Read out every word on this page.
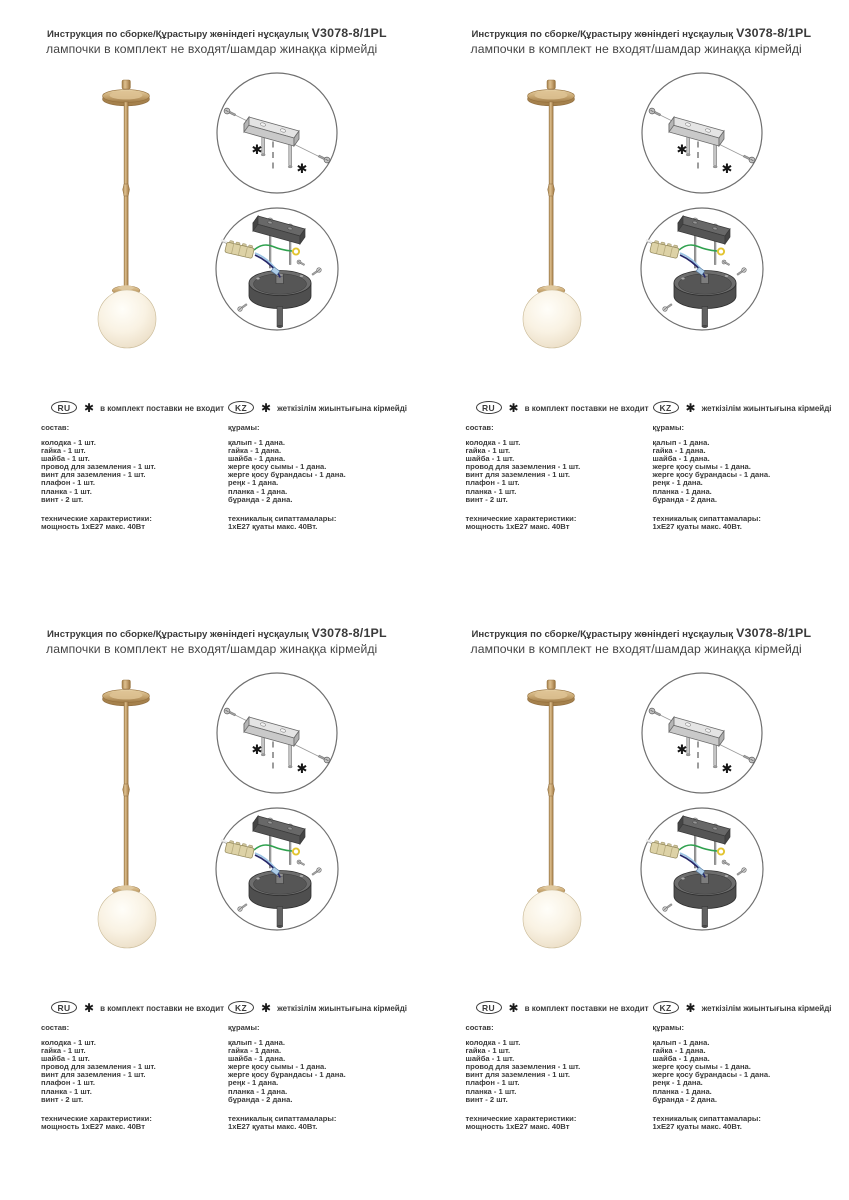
Инструкция по сборке/Құрастыру жөніндегі нұсқаулық V3078-8/1PL
лампочки в комплект не входят/шамдар жинаққа кірмейді
✱
✱
RU	✱ в комплект поставки не входит
состав:
колодка - 1 шт.
гайка - 1 шт.
шайба - 1 шт.
провод для заземления - 1 шт.
винт для заземления - 1 шт.
плафон - 1 шт.
планка - 1 шт.
винт - 2 шт.
технические характеристики:
мощность 1хЕ27 макс. 40Вт
KZ	✱ жеткізілім жиынтығына кірмейді
құрамы:
қалып - 1 дана.
гайка - 1 дана.
шайба - 1 дана.
жерге қосу сымы - 1 дана.
жерге қосу бұрандасы - 1 дана.
реңк - 1 дана.
планка - 1 дана.
бұранда - 2 дана.
техникалық сипаттамалары:
1хЕ27 қуаты макс. 40Вт.
Инструкция по сборке/Құрастыру жөніндегі нұсқаулық V3078-8/1PL
лампочки в комплект не входят/шамдар жинаққа кірмейді
✱
✱
RU	✱ в комплект поставки не входит
состав:
колодка - 1 шт.
гайка - 1 шт.
шайба - 1 шт.
провод для заземления - 1 шт.
винт для заземления - 1 шт.
плафон - 1 шт.
планка - 1 шт.
винт - 2 шт.
технические характеристики:
мощность 1хЕ27 макс. 40Вт
KZ	✱ жеткізілім жиынтығына кірмейді
құрамы:
қалып - 1 дана.
гайка - 1 дана.
шайба - 1 дана.
жерге қосу сымы - 1 дана.
жерге қосу бұрандасы - 1 дана.
реңк - 1 дана.
планка - 1 дана.
бұранда - 2 дана.
техникалық сипаттамалары:
1хЕ27 қуаты макс. 40Вт.
Инструкция по сборке/Құрастыру жөніндегі нұсқаулық V3078-8/1PL
лампочки в комплект не входят/шамдар жинаққа кірмейді
✱
✱
RU	✱ в комплект поставки не входит
состав:
колодка - 1 шт.
гайка - 1 шт.
шайба - 1 шт.
провод для заземления - 1 шт.
винт для заземления - 1 шт.
плафон - 1 шт.
планка - 1 шт.
винт - 2 шт.
технические характеристики:
мощность 1хЕ27 макс. 40Вт
KZ	✱ жеткізілім жиынтығына кірмейді
құрамы:
қалып - 1 дана.
гайка - 1 дана.
шайба - 1 дана.
жерге қосу сымы - 1 дана.
жерге қосу бұрандасы - 1 дана.
реңк - 1 дана.
планка - 1 дана.
бұранда - 2 дана.
техникалық сипаттамалары:
1хЕ27 қуаты макс. 40Вт.
Инструкция по сборке/Құрастыру жөніндегі нұсқаулық V3078-8/1PL
лампочки в комплект не входят/шамдар жинаққа кірмейді
✱
✱
RU	✱ в комплект поставки не входит
состав:
колодка - 1 шт.
гайка - 1 шт.
шайба - 1 шт.
провод для заземления - 1 шт.
винт для заземления - 1 шт.
плафон - 1 шт.
планка - 1 шт.
винт - 2 шт.
технические характеристики:
мощность 1хЕ27 макс. 40Вт
KZ	✱ жеткізілім жиынтығына кірмейді
құрамы:
қалып - 1 дана.
гайка - 1 дана.
шайба - 1 дана.
жерге қосу сымы - 1 дана.
жерге қосу бұрандасы - 1 дана.
реңк - 1 дана.
планка - 1 дана.
бұранда - 2 дана.
техникалық сипаттамалары:
1хЕ27 қуаты макс. 40Вт.
